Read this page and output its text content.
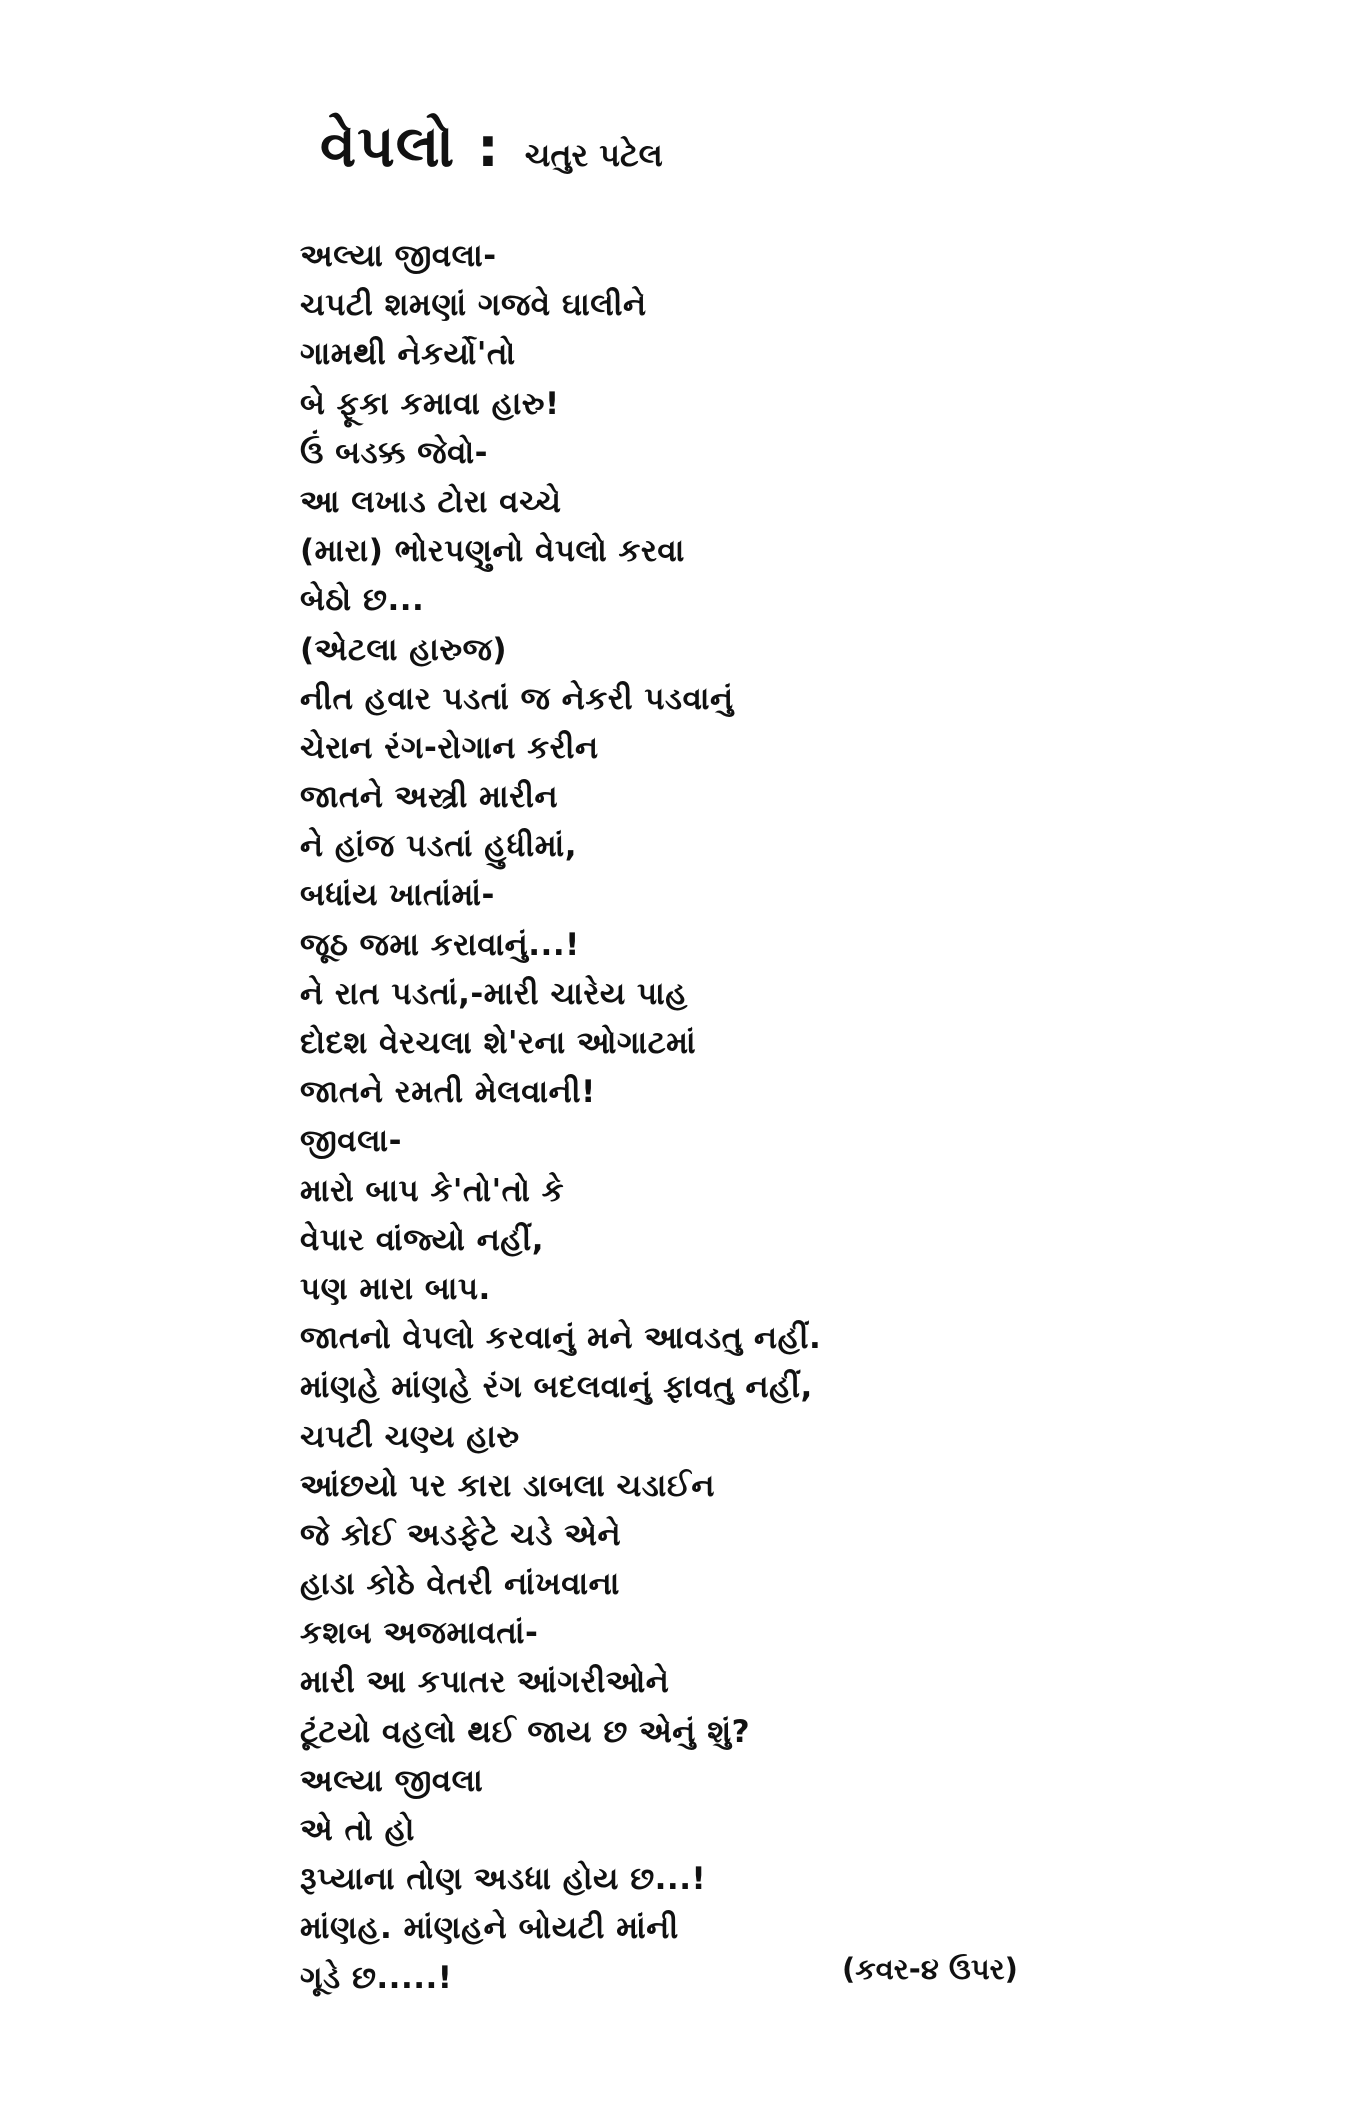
વેપલો : ચતુર પટેલ
અલ્યા જીવલા-
ચપટી શમણાં ગજવે ઘાલીને
ગામથી નેકર્યો'તો
બે ફૂકા કમાવા હારુ!
ઉં બડક્ક જેવો-
આ લખાડ ટોરા વચ્ચે
(મારા) ભોરપણુનો વેપલો કરવા
બેઠો છ...
(એટલા હારુજ)
નીત હવાર પડતાં જ નેકરી પડવાનું
ચેરાન રંગ-રોગાન કરીન
જાતને અસ્ત્રી મારીન
ને હાંજ પડતાં હુધીમાં,
બધાંય ખાતાંમાં-
જૂઠ જમા કરાવાનું...!
ને રાત પડતાં,-મારી ચારેય પાહ
દોદશ વેરચલા શે'રના ઓગાટમાં
જાતને રમતી મેલવાની!
જીવલા-
મારો બાપ કે'તો'તો કે
વેપાર વાંજ્યો નહીં,
પણ મારા બાપ.
જાતનો વેપલો કરવાનું મને આવડતુ નહીં.
માંણહે માંણહે રંગ બદલવાનું ફાવતુ નહીં,
ચપટી ચણ્ય હારુ
આંછયો પર કારા ડાબલા ચડાઈન
જે કોઈ અડફેટે ચડે એને
હાડા કોઠે વેતરી નાંખવાના
કશબ અજમાવતાં-
મારી આ કપાતર આંગરીઓને
ટૂંટયો વહલો થઈ જાય છ એનું શું?
અલ્યા જીવલા
એ તો હો
રૂપ્યાના તોણ અડધા હોય છ...!
માંણહ. માંણહને બોયટી માંની
ગૂડે છ.....!	(કવર-૪ ઉપર)
